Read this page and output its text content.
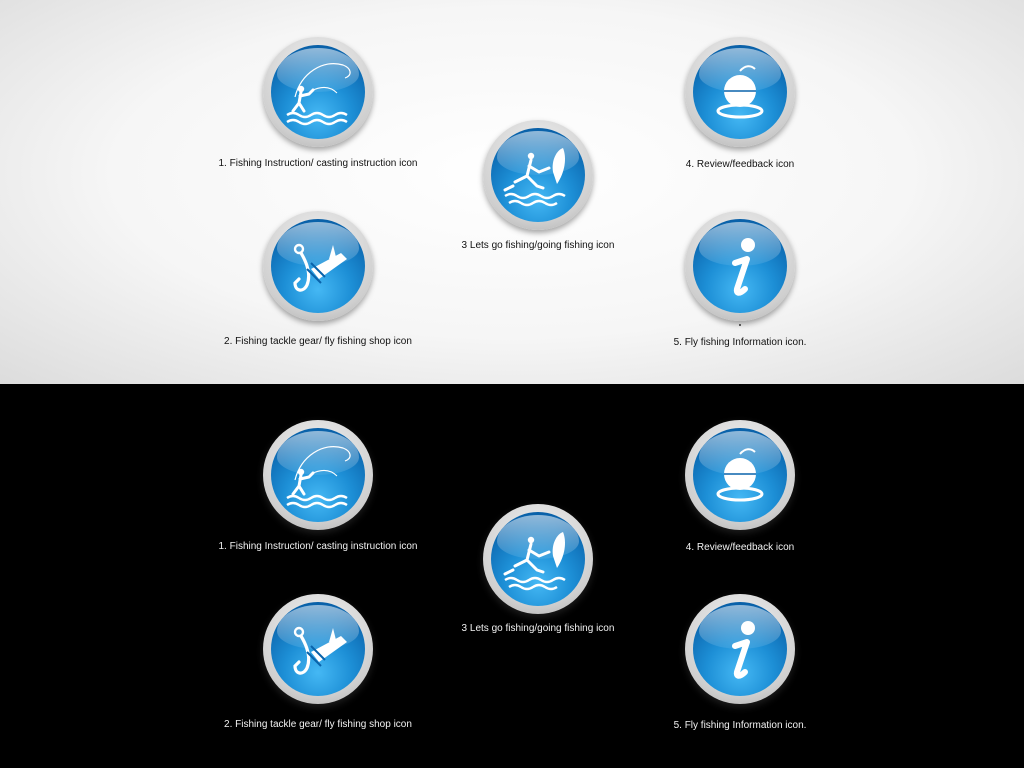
1. Fishing Instruction/ casting instruction icon
2. Fishing tackle gear/ fly fishing shop icon
3 Lets go fishing/going fishing icon
4. Review/feedback icon
5. Fly fishing Information icon.
1. Fishing Instruction/ casting instruction icon
2. Fishing tackle gear/ fly fishing shop icon
3 Lets go fishing/going fishing icon
4. Review/feedback icon
5. Fly fishing Information icon.
